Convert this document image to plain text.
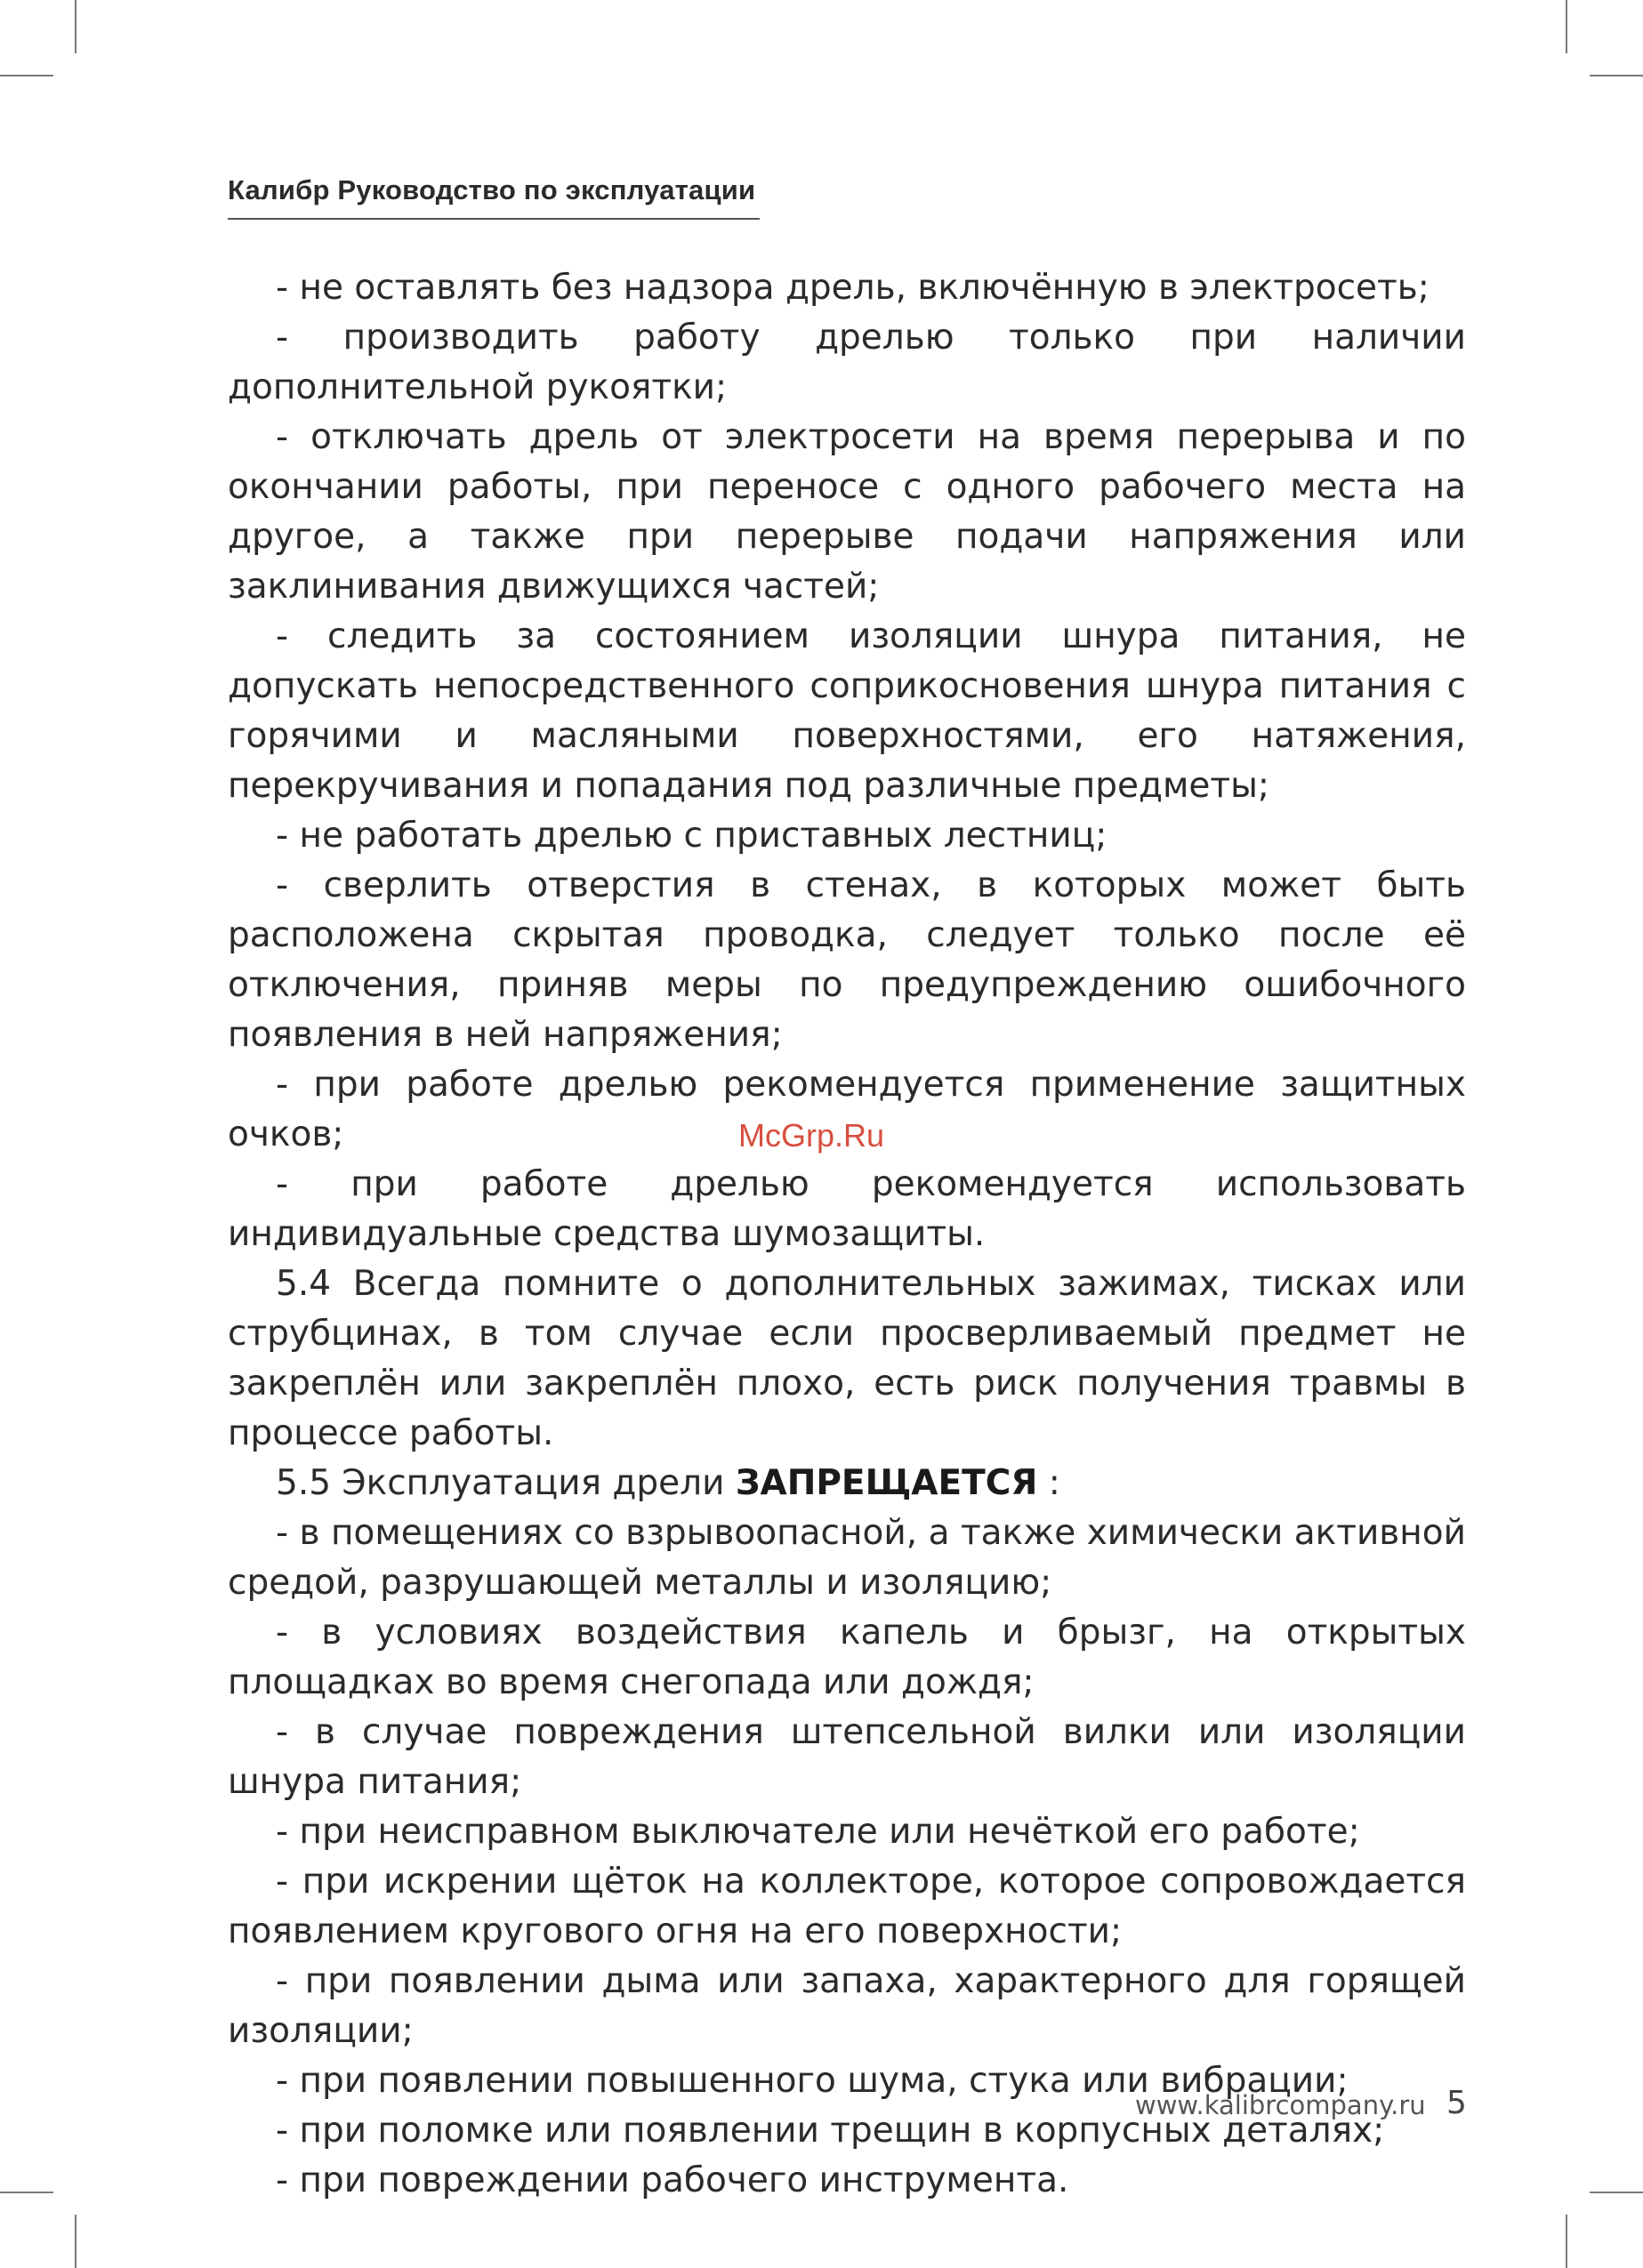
Калибр Руководство по эксплуатации

- не оставлять без надзора дрель, включённую в электросеть;

- производить работу дрелью только при наличии дополнительной рукоятки;

- отключать дрель от электросети на время перерыва и по окончании работы, при переносе с одного рабочего места на другое, а также при перерыве подачи напряжения или заклинивания движущихся частей;

- следить за состоянием изоляции шнура питания, не допускать непосредственного соприкосновения шнура питания с горячими и масляными поверхностями, его натяжения, перекручивания и попадания под различные предметы;

- не работать дрелью с приставных лестниц;

- сверлить отверстия в стенах, в которых может быть расположена скрытая проводка, следует только после её отключения, приняв меры по предупреждению ошибочного появления в ней напряжения;

- при работе дрелью рекомендуется применение защитных очков;

- при работе дрелью рекомендуется использовать индивидуальные средства шумозащиты.

5.4 Всегда помните о дополнительных зажимах, тисках или струбцинах, в том случае если просверливаемый предмет не закреплён или закреплён плохо, есть риск получения травмы в процессе работы.

5.5 Эксплуатация дрели ЗАПРЕЩАЕТСЯ :

- в помещениях со взрывоопасной, а также химически активной средой, разрушающей металлы и изоляцию;

- в условиях воздействия капель и брызг, на открытых площадках во время снегопада или дождя;

- в случае повреждения штепсельной вилки или изоляции шнура питания;

- при неисправном выключателе или нечёткой его работе;

- при искрении щёток на коллекторе, которое сопровождается появлением кругового огня на его поверхности;

- при появлении дыма или запаха, характерного для горящей изоляции;

- при появлении повышенного шума, стука или вибрации;

- при поломке или появлении трещин в корпусных деталях;

- при повреждении рабочего инструмента.

McGrp.Ru
www.kalibrcompany.ru 5
